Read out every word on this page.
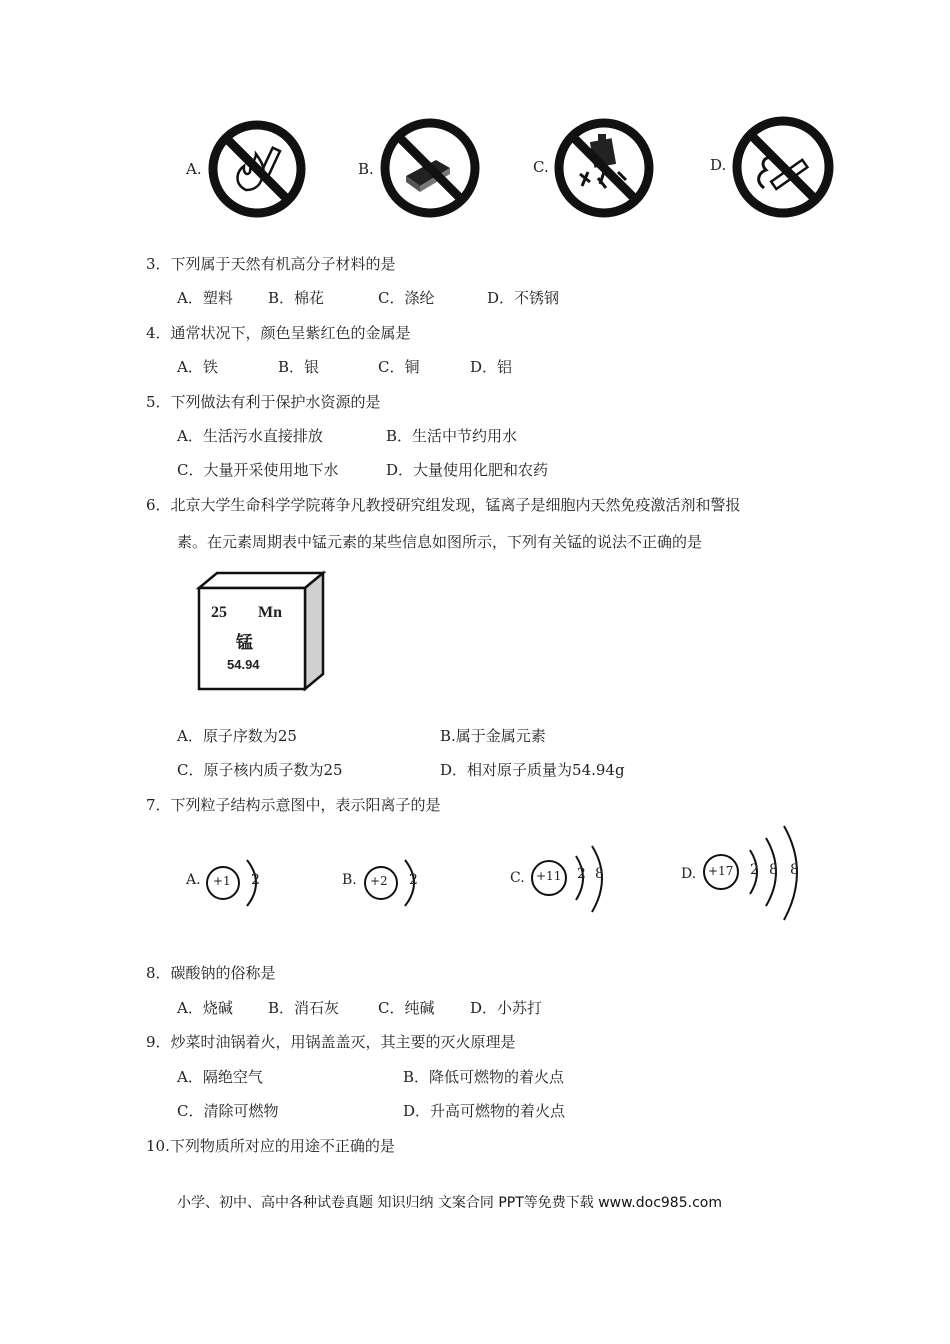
A.	B.	C.	D.
3．下列属于天然有机高分子材料的是
A．塑料 B．棉花	C．涤纶	D．不锈钢
4．通常状况下，颜色呈紫红色的金属是
A．铁	B．银	C．铜	D．铝
5．下列做法有利于保护水资源的是
A．生活污水直接排放	B．生活中节约用水
C．大量开采使用地下水	D．大量使用化肥和农药
6．北京大学生命科学学院蒋争凡教授研究组发现，锰离子是细胞内天然免疫激活剂和警报
素。在元素周期表中锰元素的某些信息如图所示，下列有关锰的说法不正确的是
25 Mn
锰
54.94
A．原子序数为25	B.属于金属元素
C．原子核内质子数为25	D．相对原子质量为54.94g
7．下列粒子结构示意图中，表示阳离子的是
A. +1 2	B. +2 2	C. +11 2 8	D. +17 2 8 8
8．碳酸钠的俗称是
A．烧碱 B．消石灰	C．纯碱 D．小苏打
9．炒菜时油锅着火，用锅盖盖灭，其主要的灭火原理是
A．隔绝空气	B．降低可燃物的着火点
C．清除可燃物	D．升高可燃物的着火点
10.下列物质所对应的用途不正确的是
小学、初中、高中各种试卷真题 知识归纳 文案合同 PPT等免费下载 www.doc985.com
